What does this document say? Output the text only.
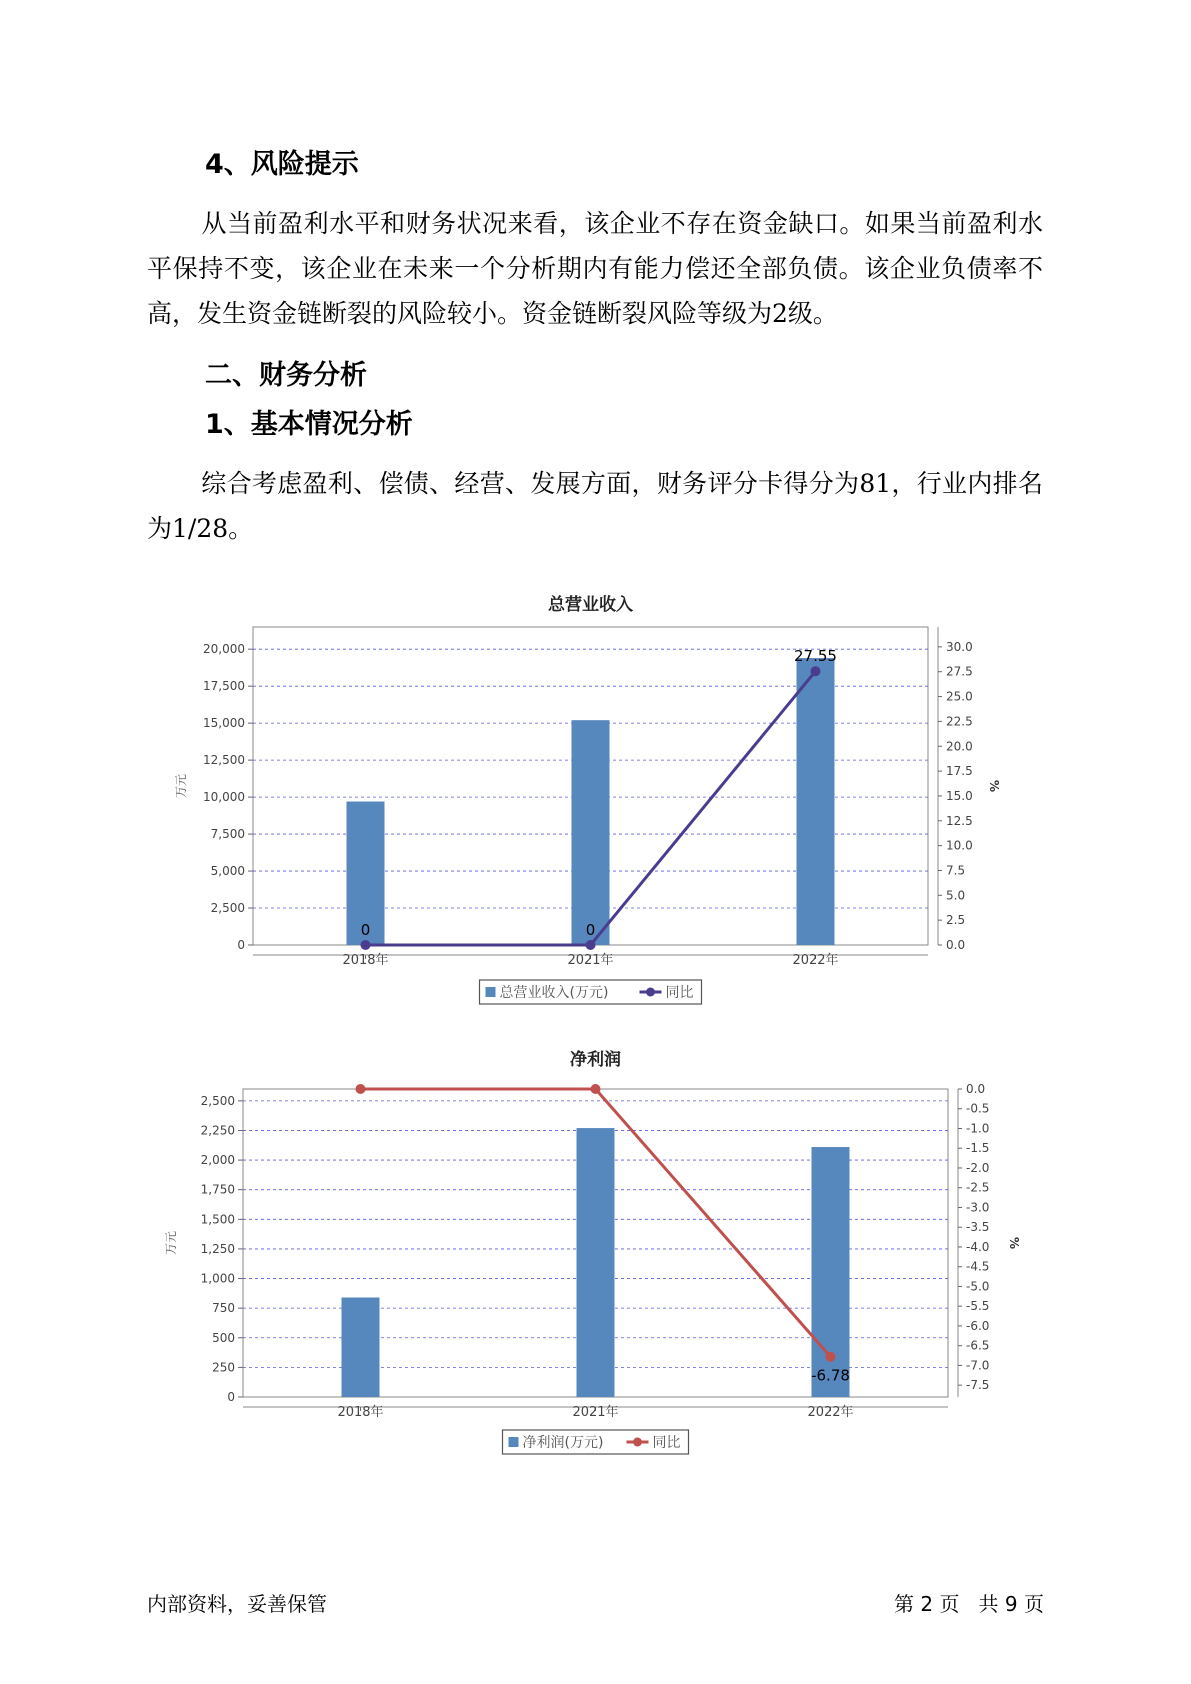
4、风险提示

从当前盈利水平和财务状况来看，该企业不存在资金缺口。如果当前盈利水平保持不变，该企业在未来一个分析期内有能力偿还全部负债。该企业负债率不高，发生资金链断裂的风险较小。资金链断裂风险等级为2级。

二、财务分析
1、基本情况分析

综合考虑盈利、偿债、经营、发展方面，财务评分卡得分为81，行业内排名为1/28。

总营业收入
0
2,500
5,000
7,500
10,000
12,500
15,000
17,500
20,000
万元
0.0
2.5
5.0
7.5
10.0
12.5
15.0
17.5
20.0
22.5
25.0
27.5
30.0
%
2018年	2021年	2022年
0	0
27.55
总营业收入(万元)	同比
净利润
0
250
500
750
1,000
1,250
1,500
1,750
2,000
2,250
2,500
万元
0.0
-0.5
-1.0
-1.5
-2.0
-2.5
-3.0
-3.5
-4.0
-4.5
-5.0
-5.5
-6.0
-6.5
-7.0
-7.5
%
2018年	2021年	2022年
-6.78
净利润(万元)	同比
内部资料，妥善保管	第 2 页   共 9 页
